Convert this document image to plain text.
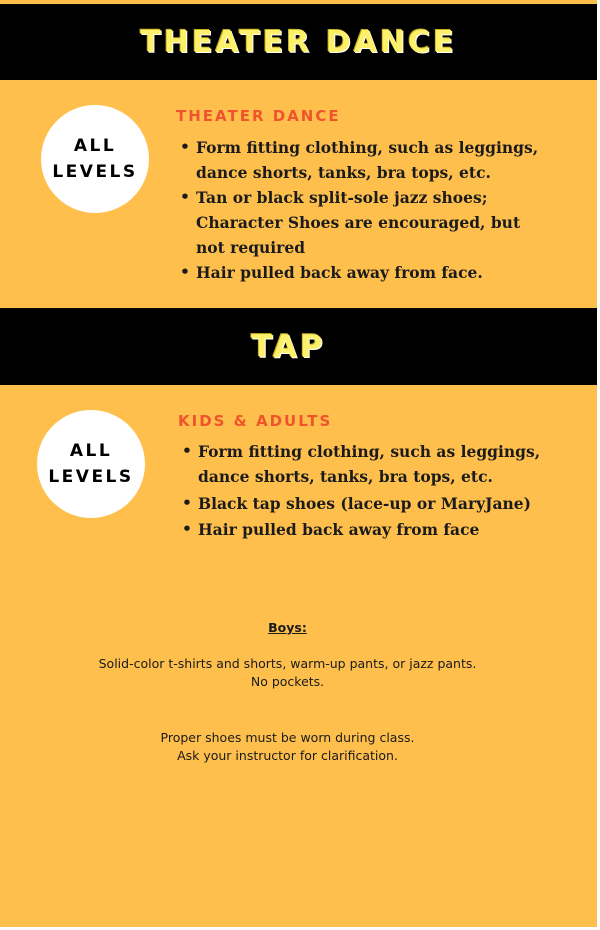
THEATER DANCE
ALL
LEVELS
THEATER DANCE
• Form fitting clothing, such as leggings, dance shorts, tanks, bra tops, etc.
• Tan or black split-sole jazz shoes; Character Shoes are encouraged, but not required
• Hair pulled back away from face.
TAP
ALL
LEVELS
KIDS & ADULTS
• Form fitting clothing, such as leggings, dance shorts, tanks, bra tops, etc.
• Black tap shoes (lace-up or MaryJane)
• Hair pulled back away from face
Boys:
Solid-color t-shirts and shorts, warm-up pants, or jazz pants.
No pockets.
Proper shoes must be worn during class.
Ask your instructor for clarification.
